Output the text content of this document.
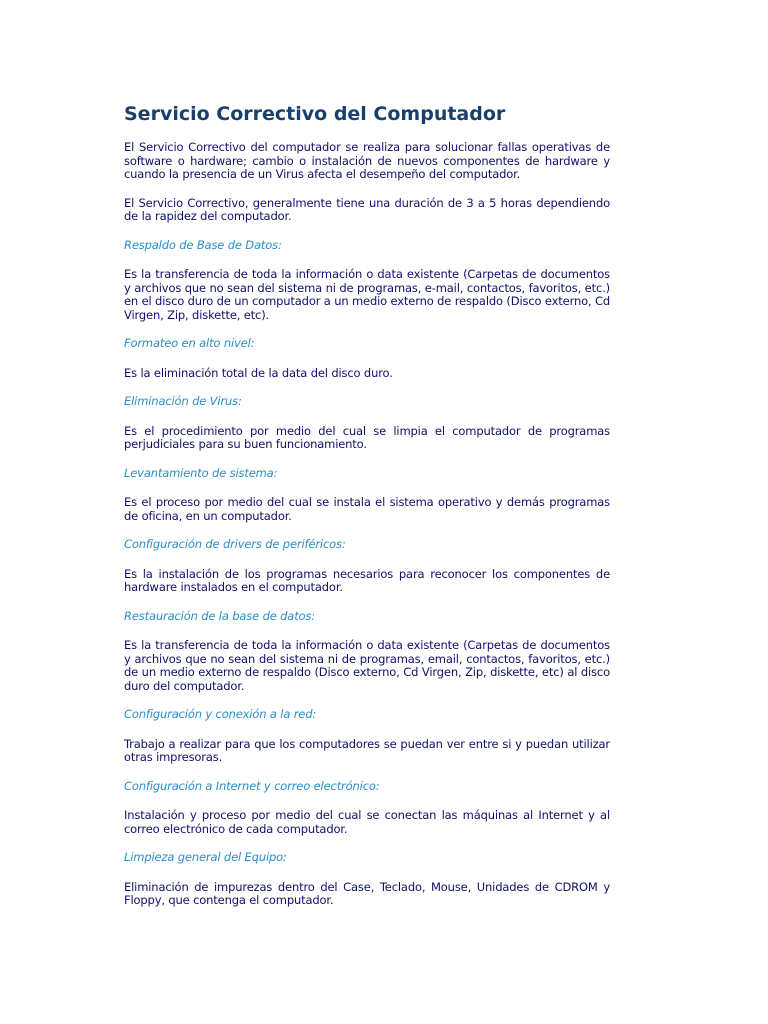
Servicio Correctivo del Computador

El Servicio Correctivo del computador se realiza para solucionar fallas operativas de software o hardware; cambio o instalación de nuevos componentes de hardware y cuando la presencia de un Virus afecta el desempeño del computador.

El Servicio Correctivo, generalmente tiene una duración de 3 a 5 horas dependiendo de la rapidez del computador.

Respaldo de Base de Datos:

Es la transferencia de toda la información o data existente (Carpetas de documentos y archivos que no sean del sistema ni de programas, e-mail, contactos, favoritos, etc.) en el disco duro de un computador a un medio externo de respaldo (Disco externo, Cd Virgen, Zip, diskette, etc).

Formateo en alto nivel:

Es la eliminación total de la data del disco duro.

Eliminación de Virus:

Es el procedimiento por medio del cual se limpia el computador de programas perjudiciales para su buen funcionamiento.

Levantamiento de sistema:

Es el proceso por medio del cual se instala el sistema operativo y demás programas de oficina, en un computador.

Configuración de drivers de periféricos:

Es la instalación de los programas necesarios para reconocer los componentes de hardware instalados en el computador.

Restauración de la base de datos:

Es la transferencia de toda la información o data existente (Carpetas de documentos y archivos que no sean del sistema ni de programas, email, contactos, favoritos, etc.) de un medio externo de respaldo (Disco externo, Cd Virgen, Zip, diskette, etc) al disco duro del computador.

Configuración y conexión a la red:

Trabajo a realizar para que los computadores se puedan ver entre si y puedan utilizar otras impresoras.

Configuración a Internet y correo electrónico:

Instalación y proceso por medio del cual se conectan las máquinas al Internet y al correo electrónico de cada computador.

Limpieza general del Equipo:

Eliminación de impurezas dentro del Case, Teclado, Mouse, Unidades de CDROM y Floppy, que contenga el computador.
